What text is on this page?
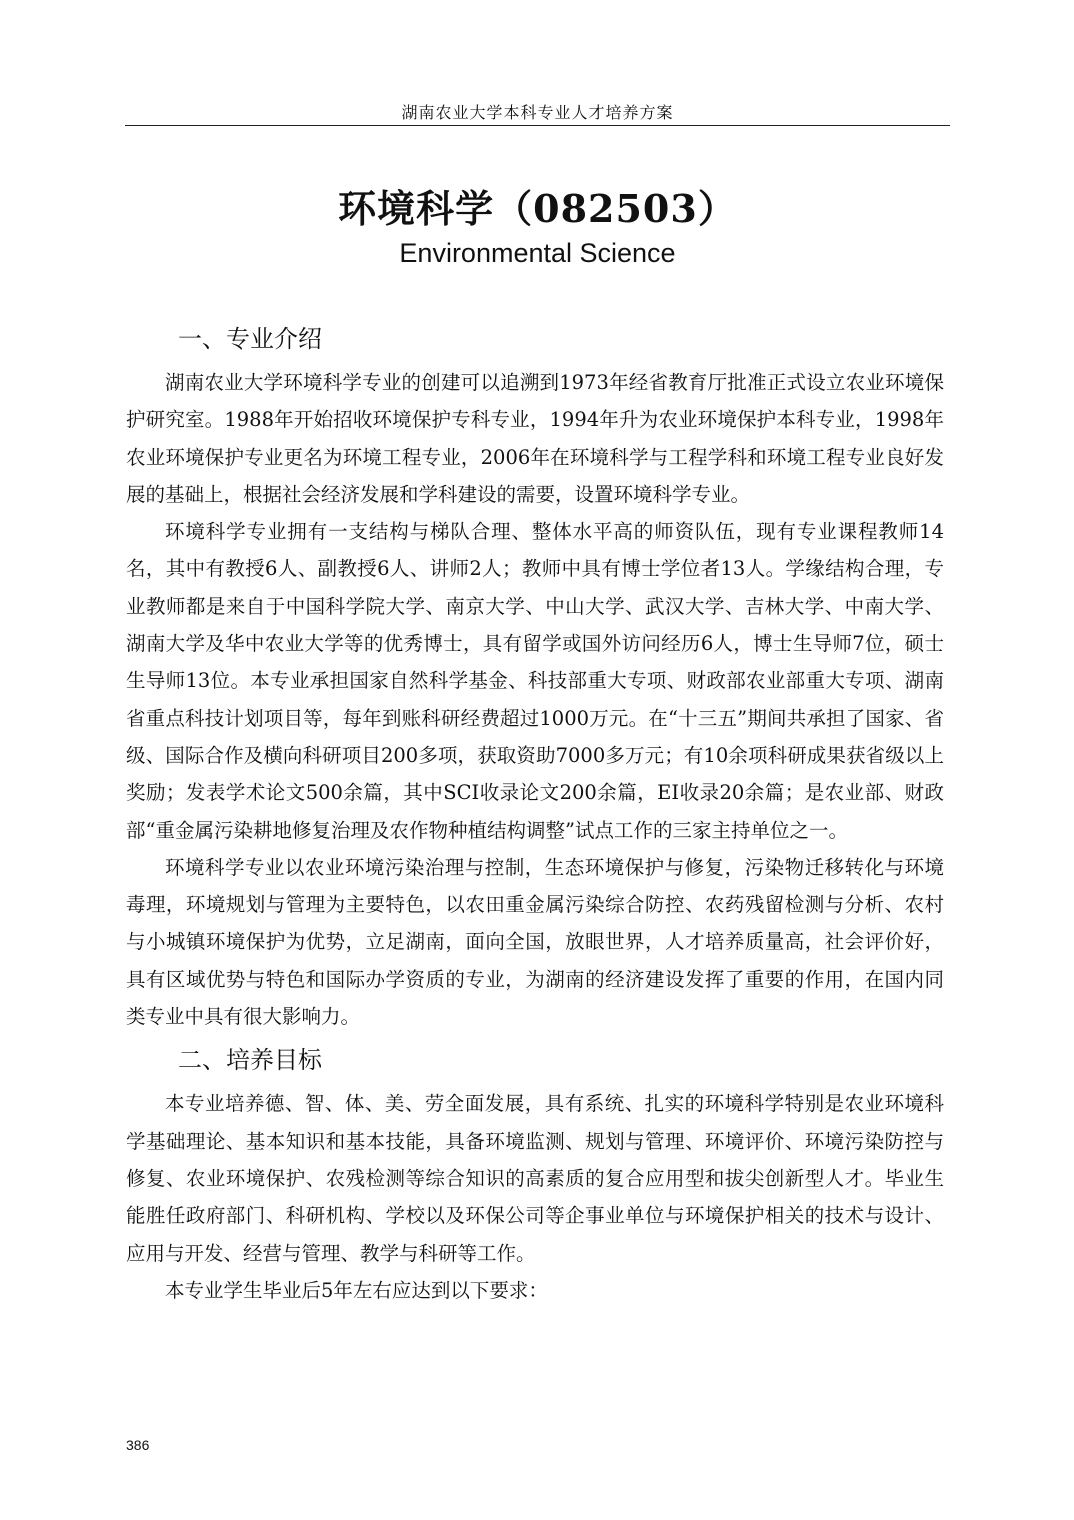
湖南农业大学本科专业人才培养方案
环境科学（082503）
Environmental Science
一、专业介绍

湖南农业大学环境科学专业的创建可以追溯到1973年经省教育厅批准正式设立农业环境保护研究室。1988年开始招收环境保护专科专业，1994年升为农业环境保护本科专业，1998年农业环境保护专业更名为环境工程专业，2006年在环境科学与工程学科和环境工程专业良好发展的基础上，根据社会经济发展和学科建设的需要，设置环境科学专业。

环境科学专业拥有一支结构与梯队合理、整体水平高的师资队伍，现有专业课程教师14名，其中有教授6人、副教授6人、讲师2人；教师中具有博士学位者13人。学缘结构合理，专业教师都是来自于中国科学院大学、南京大学、中山大学、武汉大学、吉林大学、中南大学、湖南大学及华中农业大学等的优秀博士，具有留学或国外访问经历6人，博士生导师7位，硕士生导师13位。本专业承担国家自然科学基金、科技部重大专项、财政部农业部重大专项、湖南省重点科技计划项目等，每年到账科研经费超过1000万元。在“十三五”期间共承担了国家、省级、国际合作及横向科研项目200多项，获取资助7000多万元；有10余项科研成果获省级以上奖励；发表学术论文500余篇，其中SCI收录论文200余篇，EI收录20余篇；是农业部、财政部“重金属污染耕地修复治理及农作物种植结构调整”试点工作的三家主持单位之一。

环境科学专业以农业环境污染治理与控制，生态环境保护与修复，污染物迁移转化与环境毒理，环境规划与管理为主要特色，以农田重金属污染综合防控、农药残留检测与分析、农村与小城镇环境保护为优势，立足湖南，面向全国，放眼世界，人才培养质量高，社会评价好，具有区域优势与特色和国际办学资质的专业，为湖南的经济建设发挥了重要的作用，在国内同类专业中具有很大影响力。

二、培养目标

本专业培养德、智、体、美、劳全面发展，具有系统、扎实的环境科学特别是农业环境科学基础理论、基本知识和基本技能，具备环境监测、规划与管理、环境评价、环境污染防控与修复、农业环境保护、农残检测等综合知识的高素质的复合应用型和拔尖创新型人才。毕业生能胜任政府部门、科研机构、学校以及环保公司等企事业单位与环境保护相关的技术与设计、应用与开发、经营与管理、教学与科研等工作。

本专业学生毕业后5年左右应达到以下要求：

386
